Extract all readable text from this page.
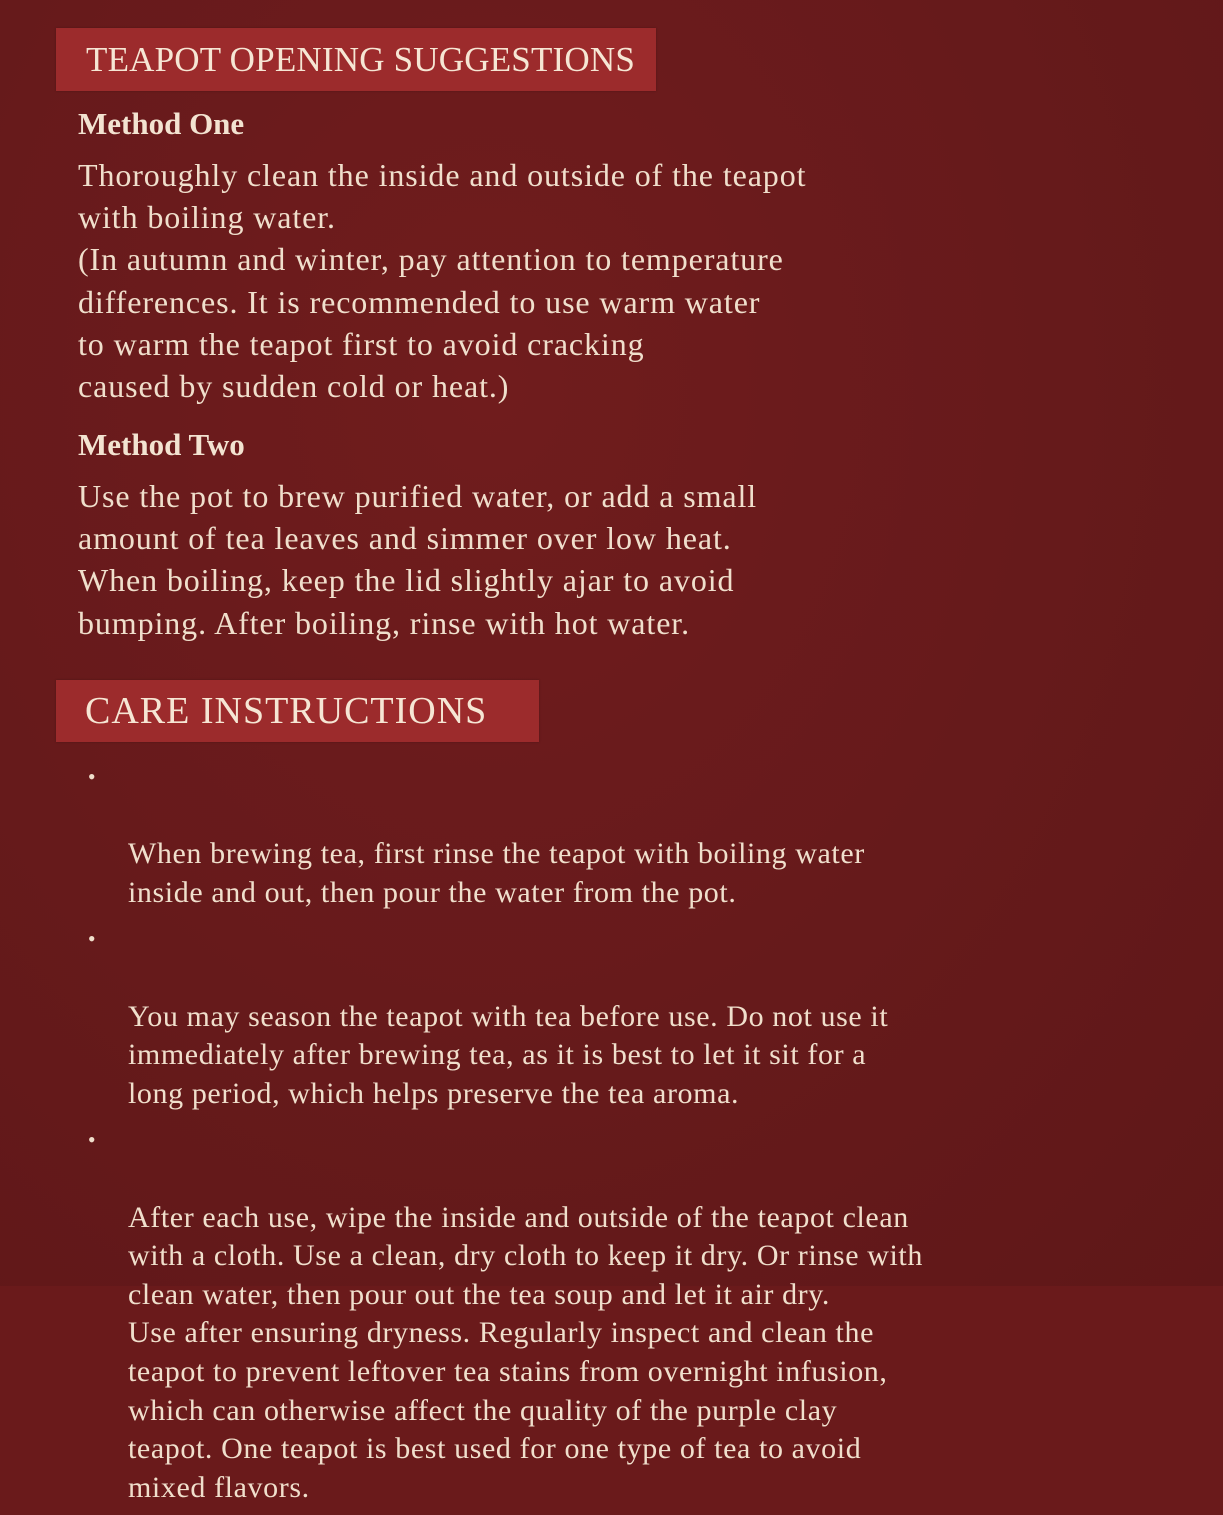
TEAPOT OPENING SUGGESTIONS
Method One
Thoroughly clean the inside and outside of the teapot
with boiling water.
(In autumn and winter, pay attention to temperature
differences. It is recommended to use warm water
to warm the teapot first to avoid cracking
caused by sudden cold or heat.)
Method Two
Use the pot to brew purified water, or add a small
amount of tea leaves and simmer over low heat.
When boiling, keep the lid slightly ajar to avoid
bumping. After boiling, rinse with hot water.
CARE INSTRUCTIONS

•

When brewing tea, first rinse the teapot with boiling water
inside and out, then pour the water from the pot.

•

You may season the teapot with tea before use. Do not use it
immediately after brewing tea, as it is best to let it sit for a
long period, which helps preserve the tea aroma.

•

After each use, wipe the inside and outside of the teapot clean
with a cloth. Use a clean, dry cloth to keep it dry. Or rinse with
clean water, then pour out the tea soup and let it air dry.
Use after ensuring dryness. Regularly inspect and clean the
teapot to prevent leftover tea stains from overnight infusion,
which can otherwise affect the quality of the purple clay
teapot. One teapot is best used for one type of tea to avoid
mixed flavors.
